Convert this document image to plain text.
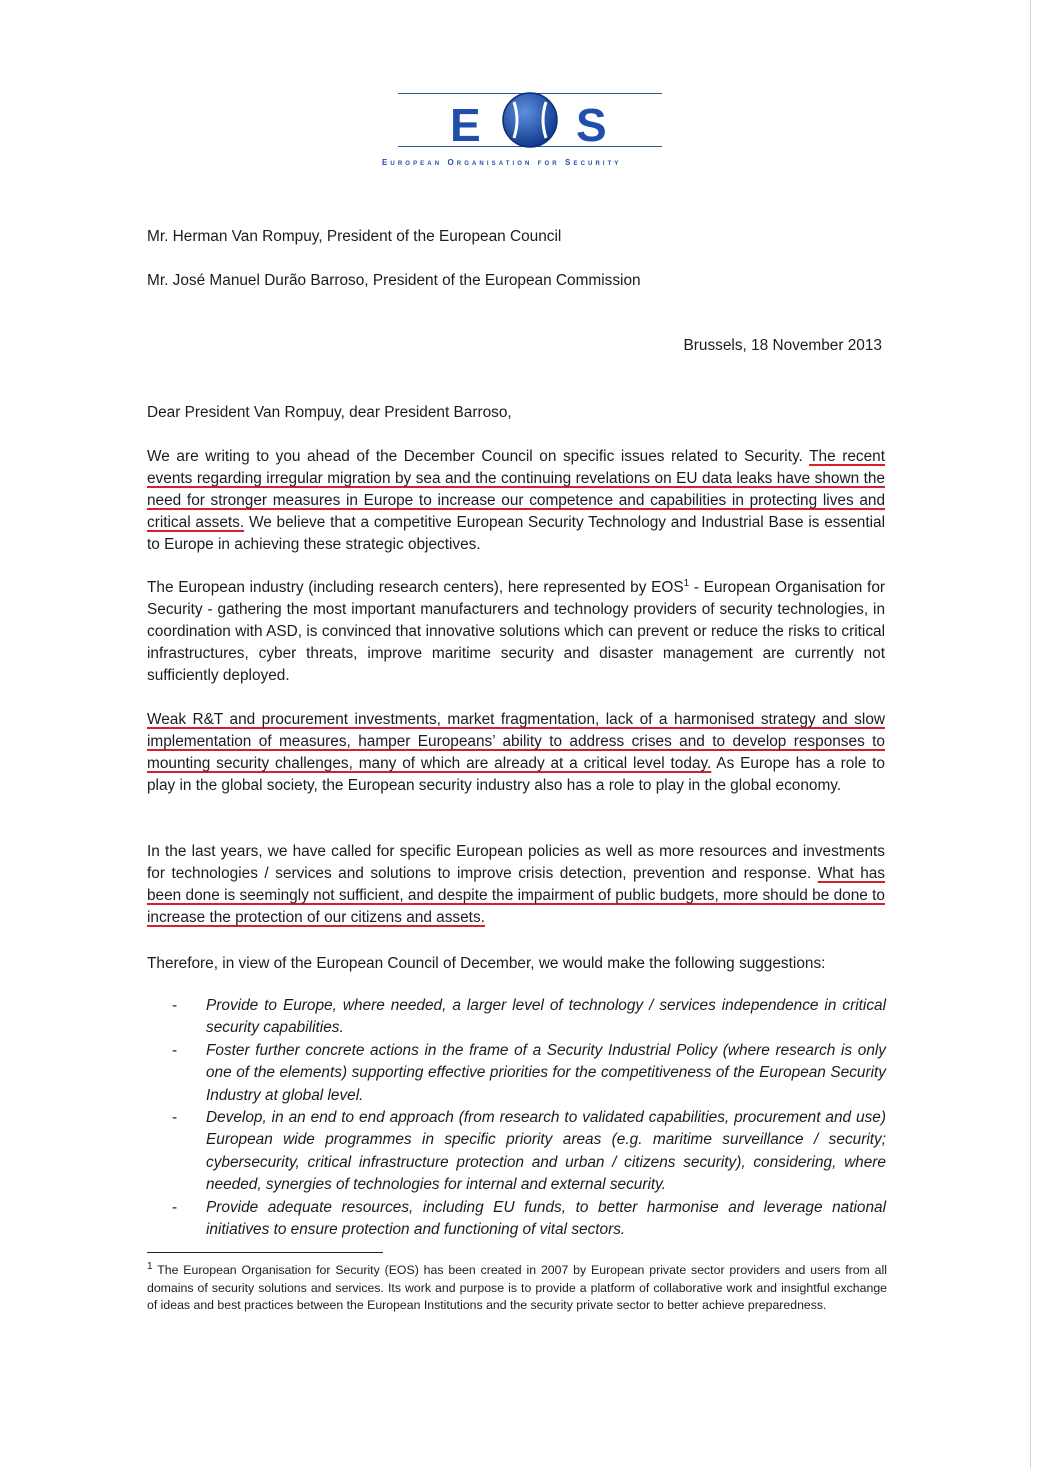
E S
European Organisation for Security
Mr. Herman Van Rompuy, President of the European Council
Mr. José Manuel Durão Barroso, President of the European Commission
Brussels, 18 November 2013
Dear President Van Rompuy, dear President Barroso,
We are writing to you ahead of the December Council on specific issues related to Security. The recent events regarding irregular migration by sea and the continuing revelations on EU data leaks have shown the need for stronger measures in Europe to increase our competence and capabilities in protecting lives and critical assets. We believe that a competitive European Security Technology and Industrial Base is essential to Europe in achieving these strategic objectives.
The European industry (including research centers), here represented by EOS$^1$ - European Organisation for Security - gathering the most important manufacturers and technology providers of security technologies, in coordination with ASD, is convinced that innovative solutions which can prevent or reduce the risks to critical infrastructures, cyber threats, improve maritime security and disaster management are currently not sufficiently deployed.
Weak R&T and procurement investments, market fragmentation, lack of a harmonised strategy and slow implementation of measures, hamper Europeans’ ability to address crises and to develop responses to mounting security challenges, many of which are already at a critical level today. As Europe has a role to play in the global society, the European security industry also has a role to play in the global economy.
In the last years, we have called for specific European policies as well as more resources and investments for technologies / services and solutions to improve crisis detection, prevention and response. What has been done is seemingly not sufficient, and despite the impairment of public budgets, more should be done to increase the protection of our citizens and assets.
Therefore, in view of the European Council of December, we would make the following suggestions:
- Provide to Europe, where needed, a larger level of technology / services independence in critical security capabilities.
- Foster further concrete actions in the frame of a Security Industrial Policy (where research is only one of the elements) supporting effective priorities for the competitiveness of the European Security Industry at global level.
- Develop, in an end to end approach (from research to validated capabilities, procurement and use) European wide programmes in specific priority areas (e.g. maritime surveillance / security; cybersecurity, critical infrastructure protection and urban / citizens security), considering, where needed, synergies of technologies for internal and external security.
- Provide adequate resources, including EU funds, to better harmonise and leverage national initiatives to ensure protection and functioning of vital sectors.
$^1$ The European Organisation for Security (EOS) has been created in 2007 by European private sector providers and users from all domains of security solutions and services. Its work and purpose is to provide a platform of collaborative work and insightful exchange of ideas and best practices between the European Institutions and the security private sector to better achieve preparedness.
